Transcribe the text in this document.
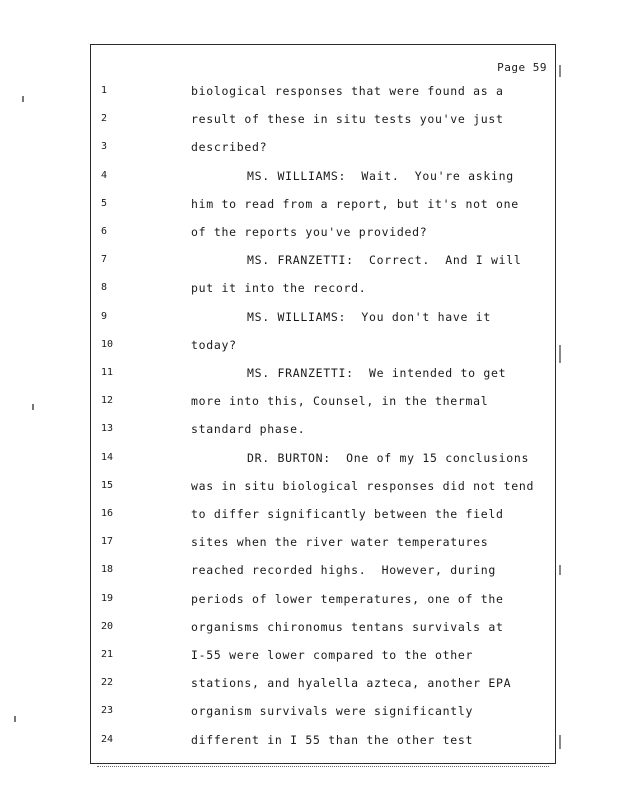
Page 59
1	biological responses that were found as a
2	result of these in situ tests you've just
3	described?
4	MS. WILLIAMS:  Wait.  You're asking
5	him to read from a report, but it's not one
6	of the reports you've provided?
7	MS. FRANZETTI:  Correct.  And I will
8	put it into the record.
9	MS. WILLIAMS:  You don't have it
10	today?
11	MS. FRANZETTI:  We intended to get
12	more into this, Counsel, in the thermal
13	standard phase.
14	DR. BURTON:  One of my 15 conclusions
15	was in situ biological responses did not tend
16	to differ significantly between the field
17	sites when the river water temperatures
18	reached recorded highs.  However, during
19	periods of lower temperatures, one of the
20	organisms chironomus tentans survivals at
21	I-55 were lower compared to the other
22	stations, and hyalella azteca, another EPA
23	organism survivals were significantly
24	different in I 55 than the other test
